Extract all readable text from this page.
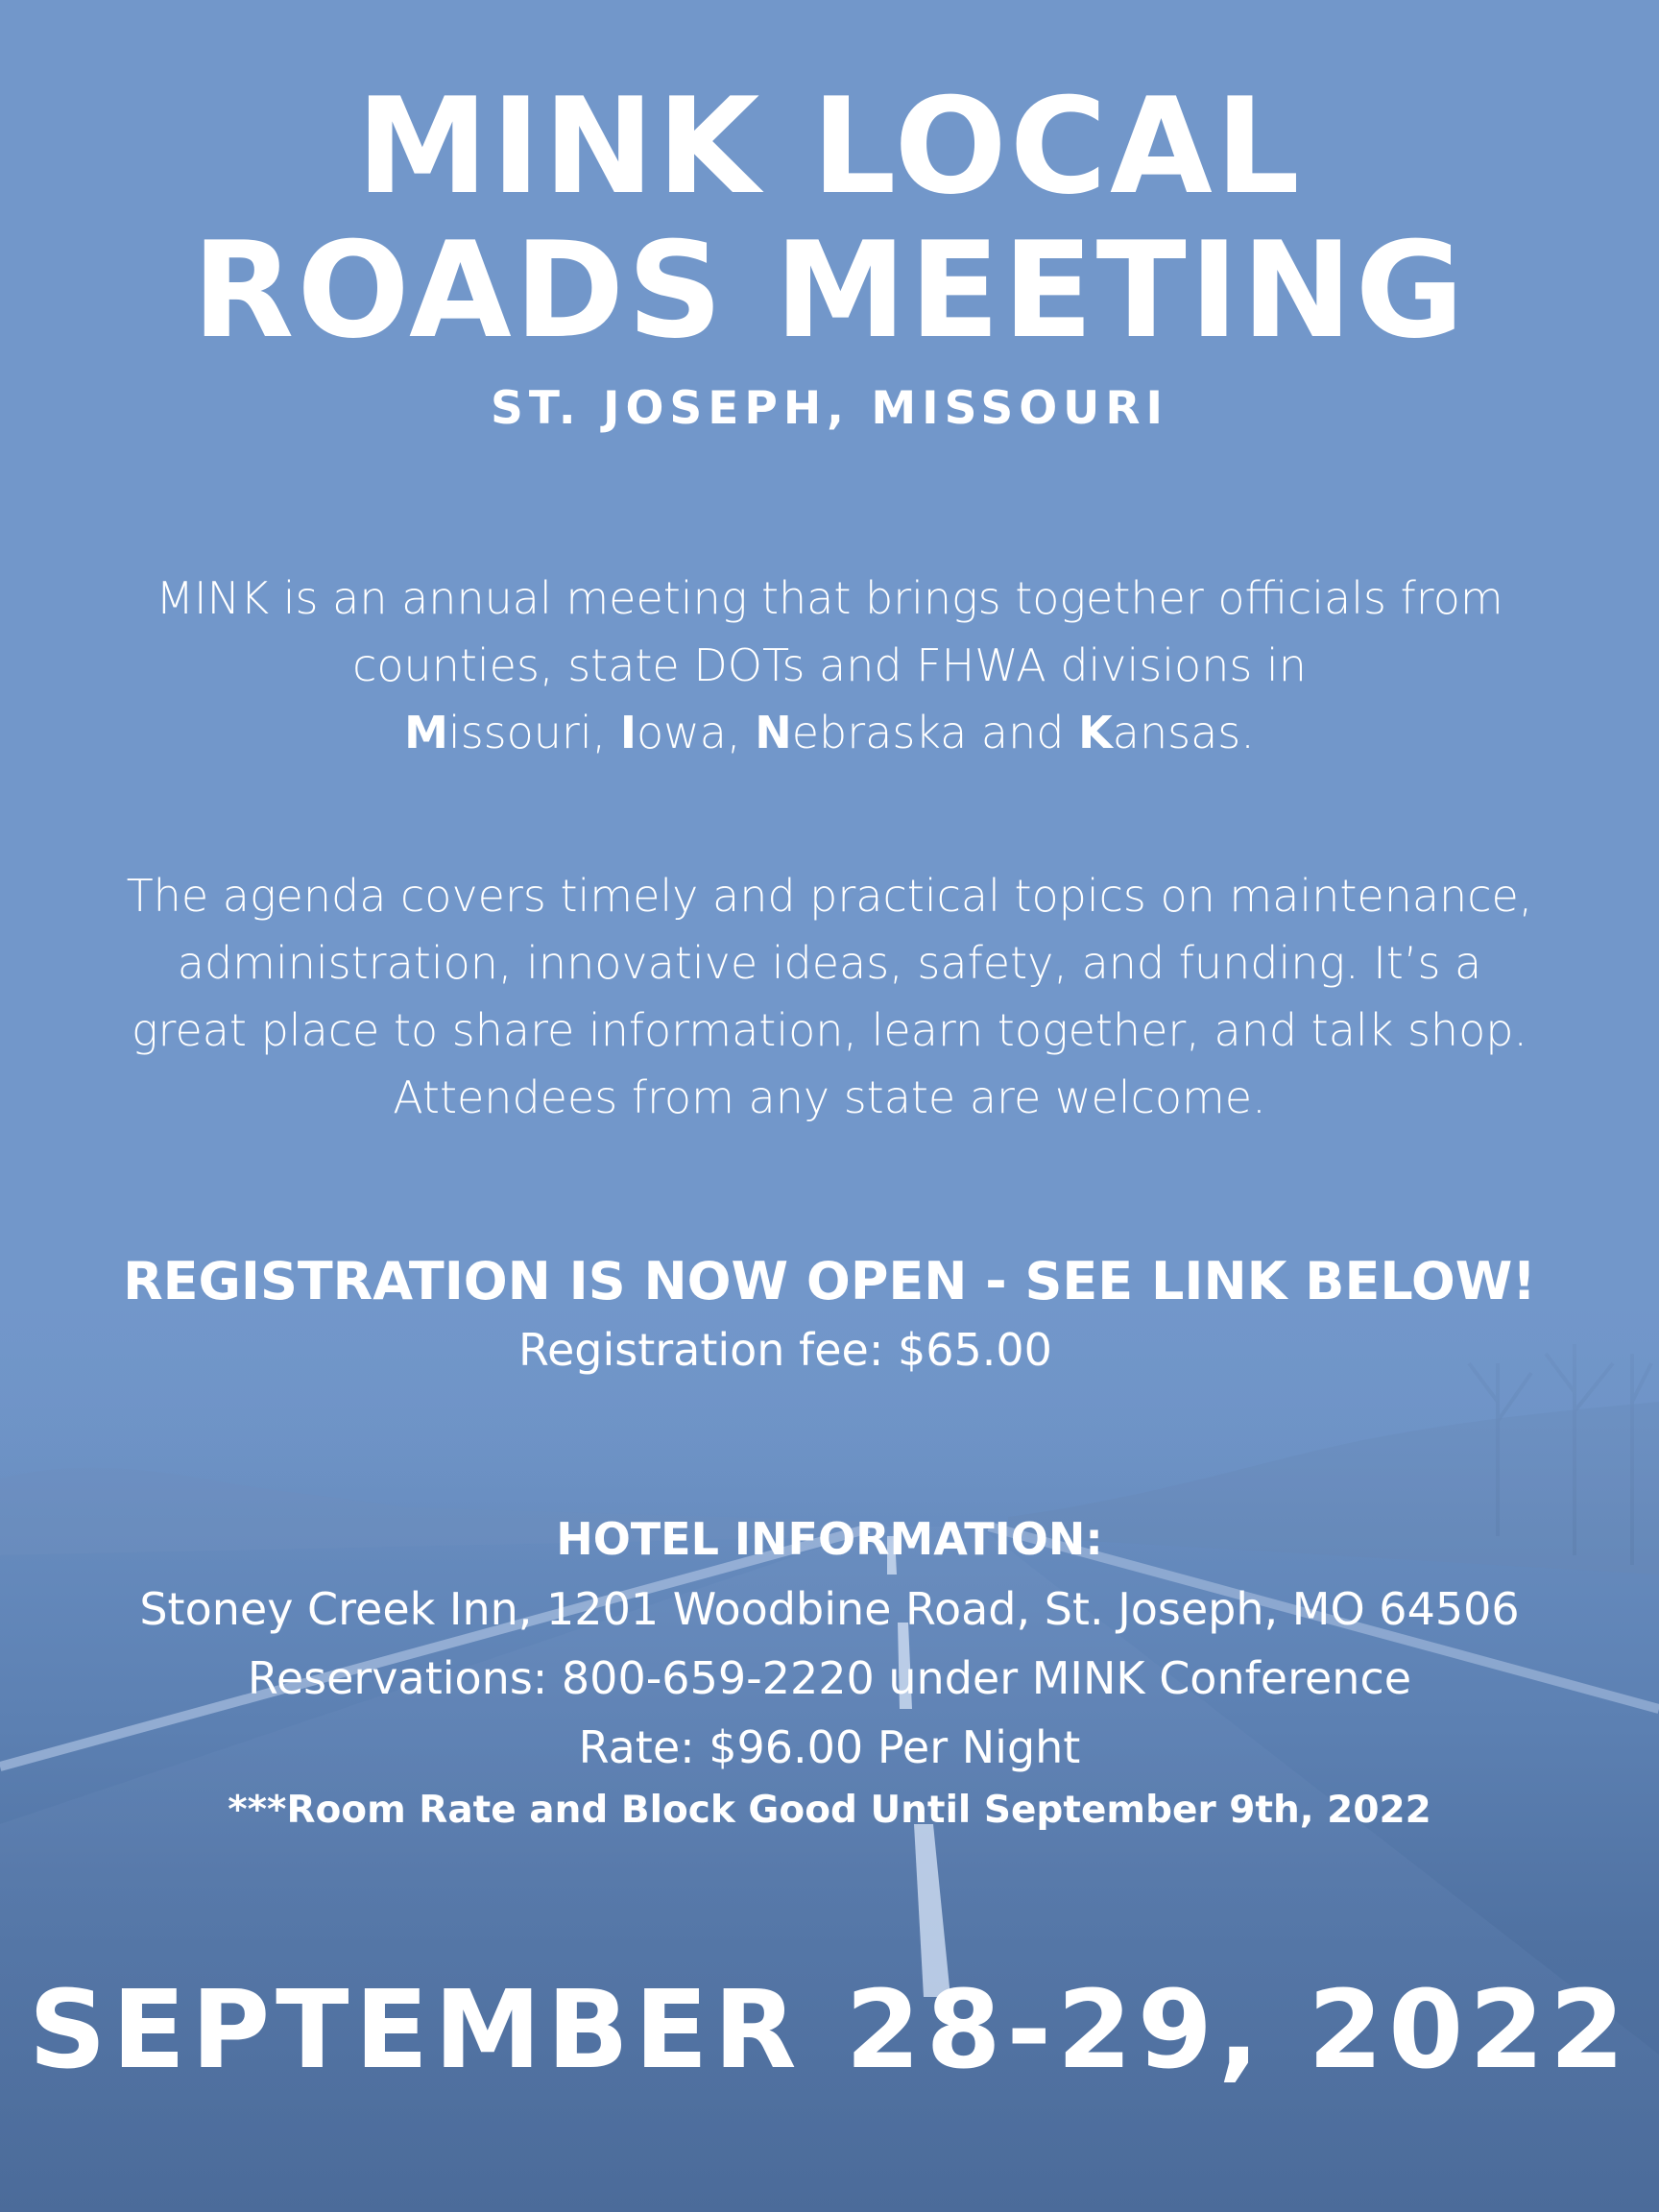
MINK LOCAL
ROADS MEETING
ST. JOSEPH, MISSOURI
MINK is an annual meeting that brings together officials from
counties, state DOTs and FHWA divisions in
Missouri, Iowa, Nebraska and Kansas.
The agenda covers timely and practical topics on maintenance,
administration, innovative ideas, safety, and funding. It’s a
great place to share information, learn together, and talk shop.
Attendees from any state are welcome.
REGISTRATION IS NOW OPEN - SEE LINK BELOW!
Registration fee: $65.00
HOTEL INFORMATION:
Stoney Creek Inn, 1201 Woodbine Road, St. Joseph, MO 64506
Reservations: 800-659-2220 under MINK Conference
Rate: $96.00 Per Night
***Room Rate and Block Good Until September 9th, 2022
SEPTEMBER 28-29, 2022
